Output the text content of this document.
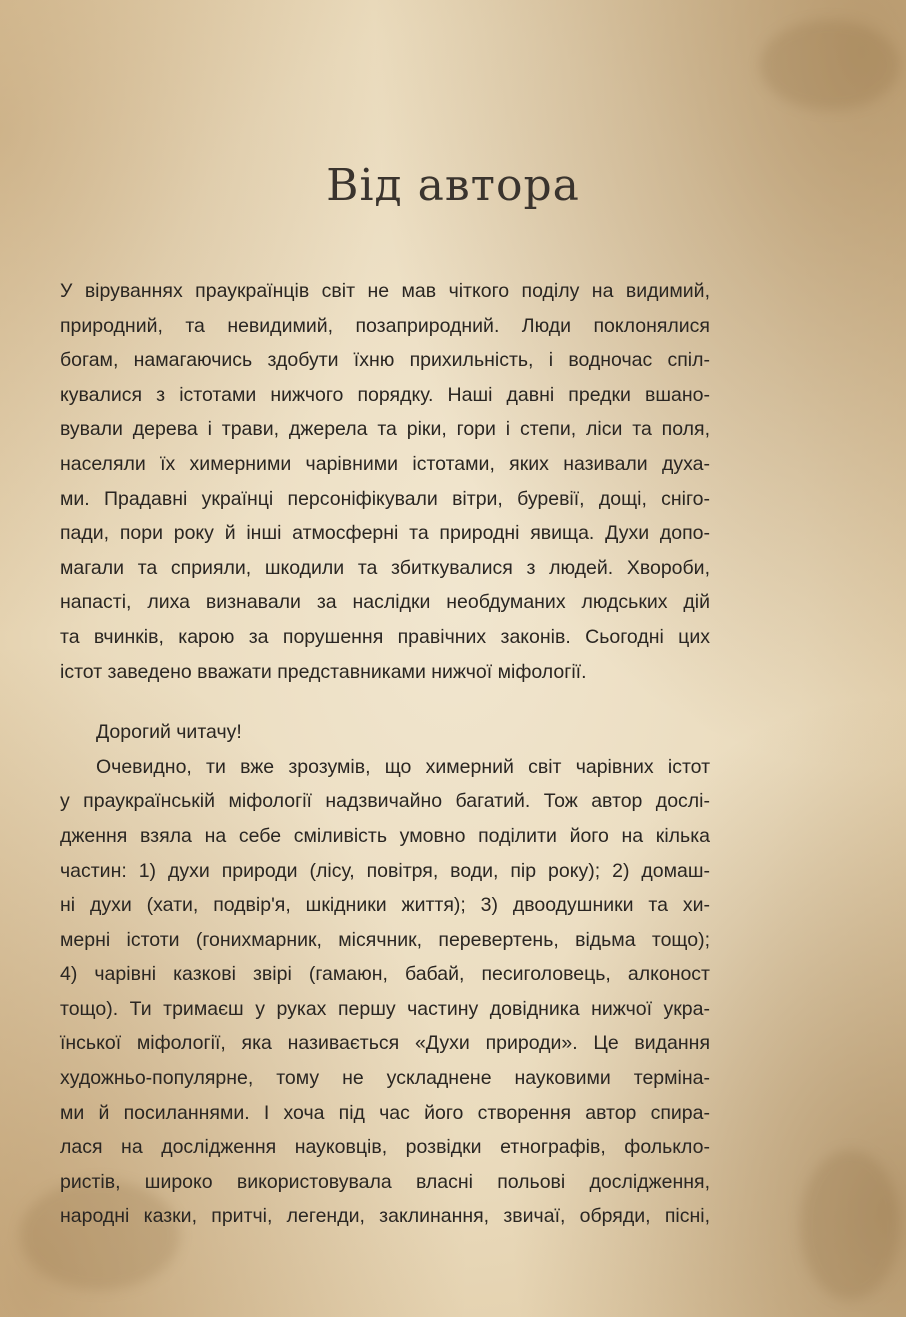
Від автора
У віруваннях праукраїнців світ не мав чіткого поділу на видимий,
природний, та невидимий, позаприродний. Люди поклонялися
богам, намагаючись здобути їхню прихильність, і водночас спіл-
кувалися з істотами нижчого порядку. Наші давні предки вшано-
вували дерева і трави, джерела та ріки, гори і степи, ліси та поля,
населяли їх химерними чарівними істотами, яких називали духа-
ми. Прадавні українці персоніфікували вітри, буревії, дощі, сніго-
пади, пори року й інші атмосферні та природні явища. Духи допо-
магали та сприяли, шкодили та збиткувалися з людей. Хвороби,
напасті, лиха визнавали за наслідки необдуманих людських дій
та вчинків, карою за порушення правічних законів. Сьогодні цих
істот заведено вважати представниками нижчої міфології.
Дорогий читачу!
Очевидно, ти вже зрозумів, що химерний світ чарівних істот
у праукраїнській міфології надзвичайно багатий. Тож автор дослі-
дження взяла на себе сміливість умовно поділити його на кілька
частин: 1) духи природи (лісу, повітря, води, пір року); 2) домаш-
ні духи (хати, подвір'я, шкідники життя); 3) двоодушники та хи-
мерні істоти (гонихмарник, місячник, перевертень, відьма тощо);
4) чарівні казкові звірі (гамаюн, бабай, песиголовець, алконост
тощо). Ти тримаєш у руках першу частину довідника нижчої укра-
їнської міфології, яка називається «Духи природи». Це видання
художньо-популярне, тому не ускладнене науковими терміна-
ми й посиланнями. І хоча під час його створення автор спира-
лася на дослідження науковців, розвідки етнографів, фолькло-
ристів, широко використовувала власні польові дослідження,
народні казки, притчі, легенди, заклинання, звичаї, обряди, пісні,
